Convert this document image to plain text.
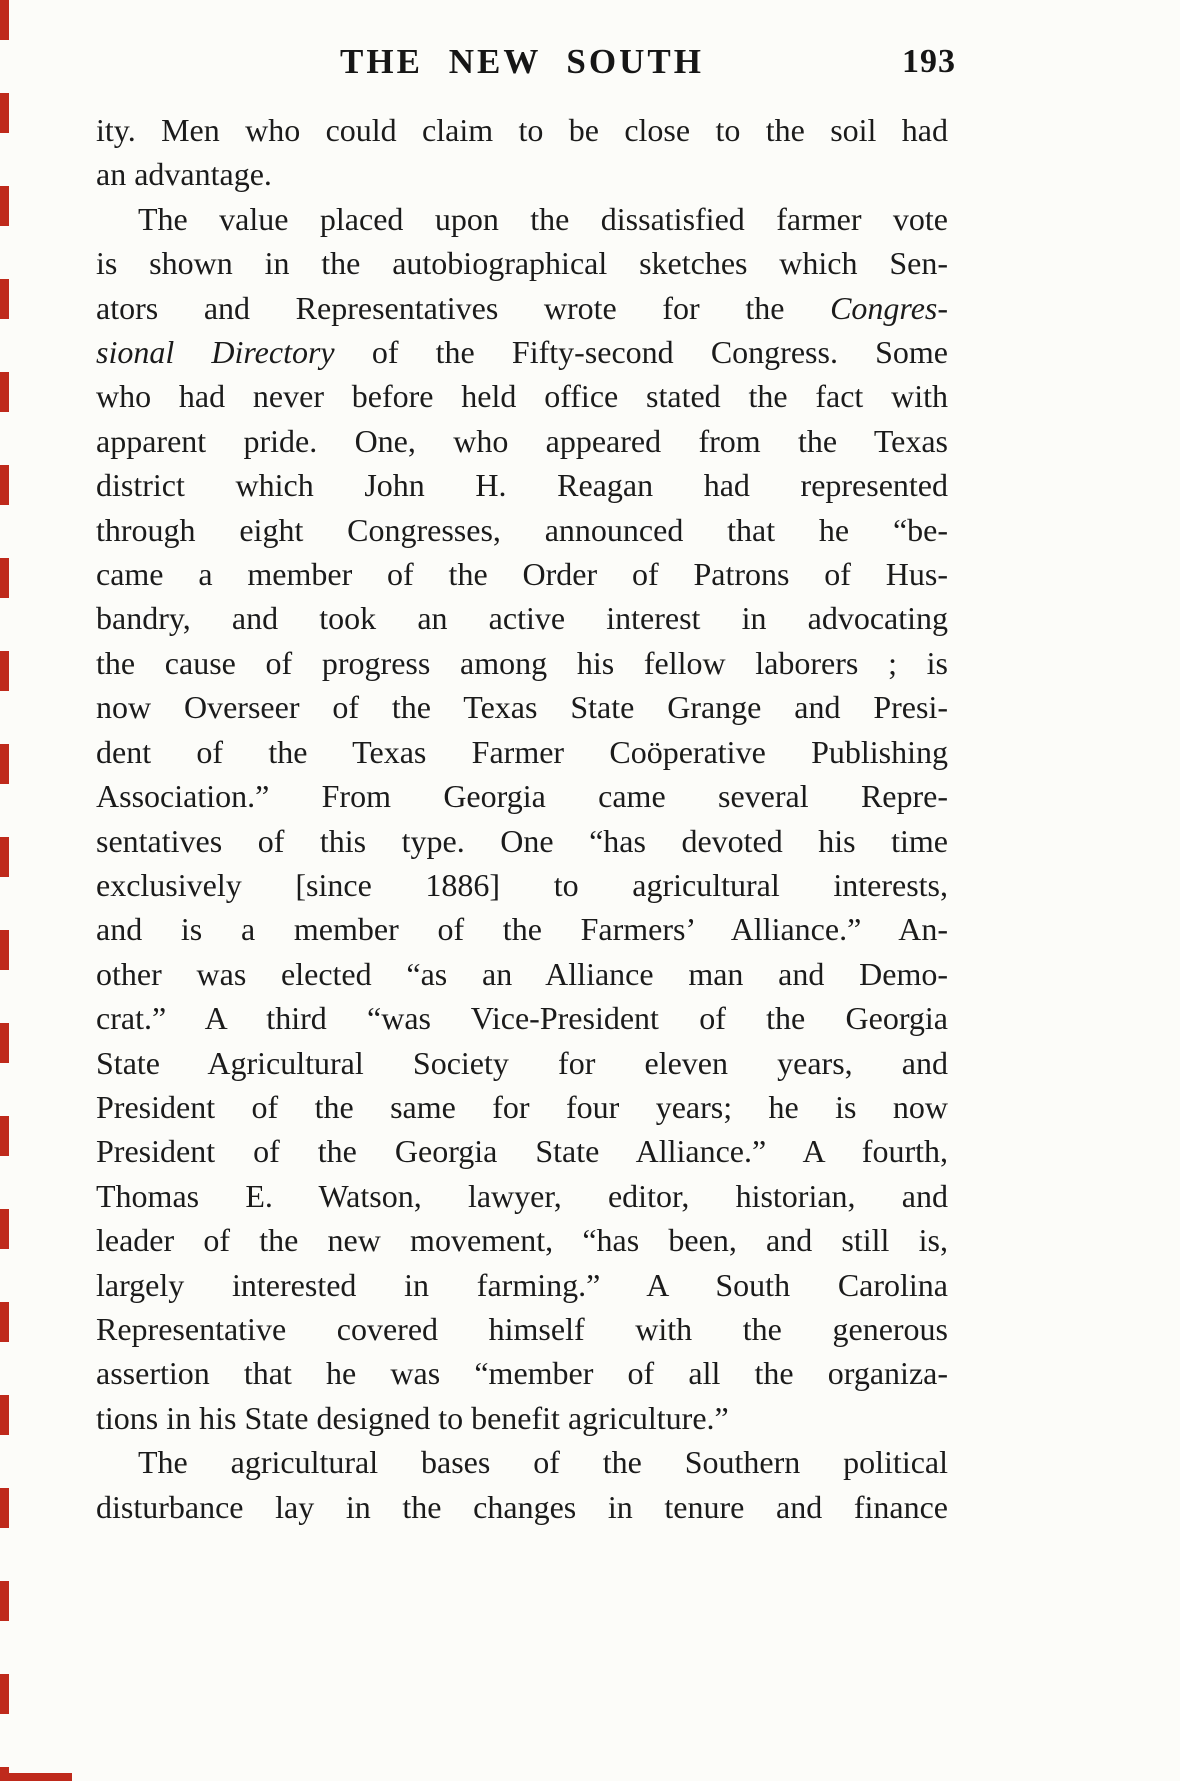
THE NEW SOUTH	193
ity. Men who could claim to be close to the soil had
an advantage.
The value placed upon the dissatisfied farmer vote
is shown in the autobiographical sketches which Sen-
ators and Representatives wrote for the Congres-
sional Directory of the Fifty-second Congress. Some
who had never before held office stated the fact with
apparent pride. One, who appeared from the Texas
district which John H. Reagan had represented
through eight Congresses, announced that he “be-
came a member of the Order of Patrons of Hus-
bandry, and took an active interest in advocating
the cause of progress among his fellow laborers ; is
now Overseer of the Texas State Grange and Presi-
dent of the Texas Farmer Coöperative Publishing
Association.” From Georgia came several Repre-
sentatives of this type. One “has devoted his time
exclusively [since 1886] to agricultural interests,
and is a member of the Farmers’ Alliance.” An-
other was elected “as an Alliance man and Demo-
crat.” A third “was Vice-President of the Georgia
State Agricultural Society for eleven years, and
President of the same for four years; he is now
President of the Georgia State Alliance.” A fourth,
Thomas E. Watson, lawyer, editor, historian, and
leader of the new movement, “has been, and still is,
largely interested in farming.” A South Carolina
Representative covered himself with the generous
assertion that he was “member of all the organiza-
tions in his State designed to benefit agriculture.”
The agricultural bases of the Southern political
disturbance lay in the changes in tenure and finance
